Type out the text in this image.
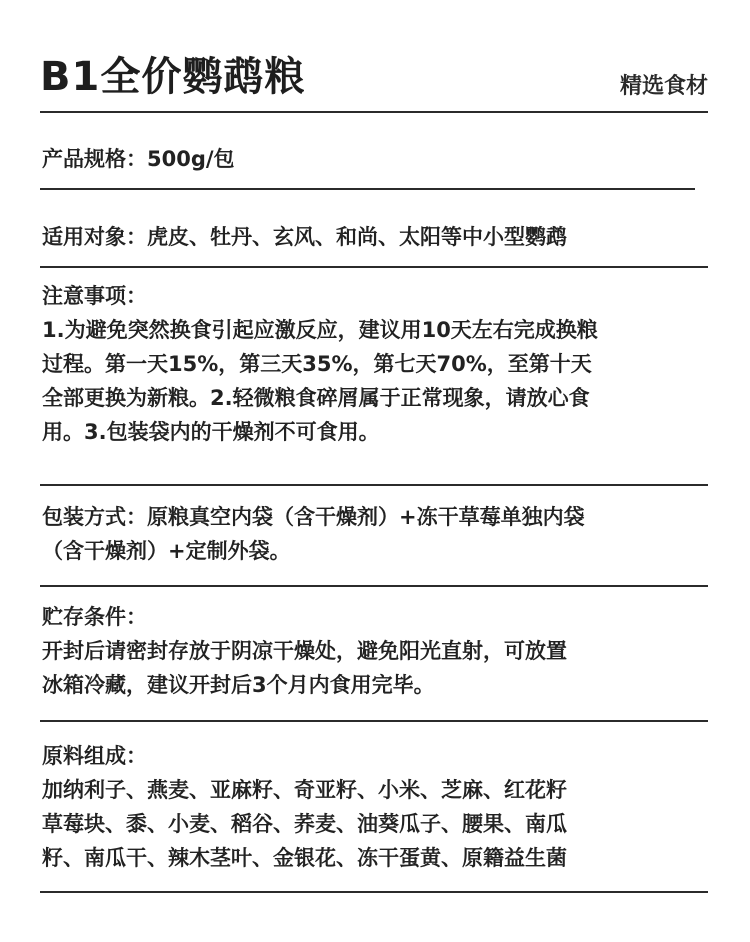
B1全价鹦鹉粮	精选食材
产品规格：500g/包
适用对象：虎皮、牡丹、玄风、和尚、太阳等中小型鹦鹉

注意事项：

1.为避免突然换食引起应激反应，建议用10天左右完成换粮

过程。第一天15%，第三天35%，第七天70%，至第十天

全部更换为新粮。2.轻微粮食碎屑属于正常现象，请放心食

用。3.包装袋内的干燥剂不可食用。

包装方式：原粮真空内袋（含干燥剂）+冻干草莓单独内袋

（含干燥剂）+定制外袋。

贮存条件：

开封后请密封存放于阴凉干燥处，避免阳光直射，可放置

冰箱冷藏，建议开封后3个月内食用完毕。

原料组成：

加纳利子、燕麦、亚麻籽、奇亚籽、小米、芝麻、红花籽

草莓块、黍、小麦、稻谷、荞麦、油葵瓜子、腰果、南瓜

籽、南瓜干、辣木茎叶、金银花、冻干蛋黄、原籍益生菌
